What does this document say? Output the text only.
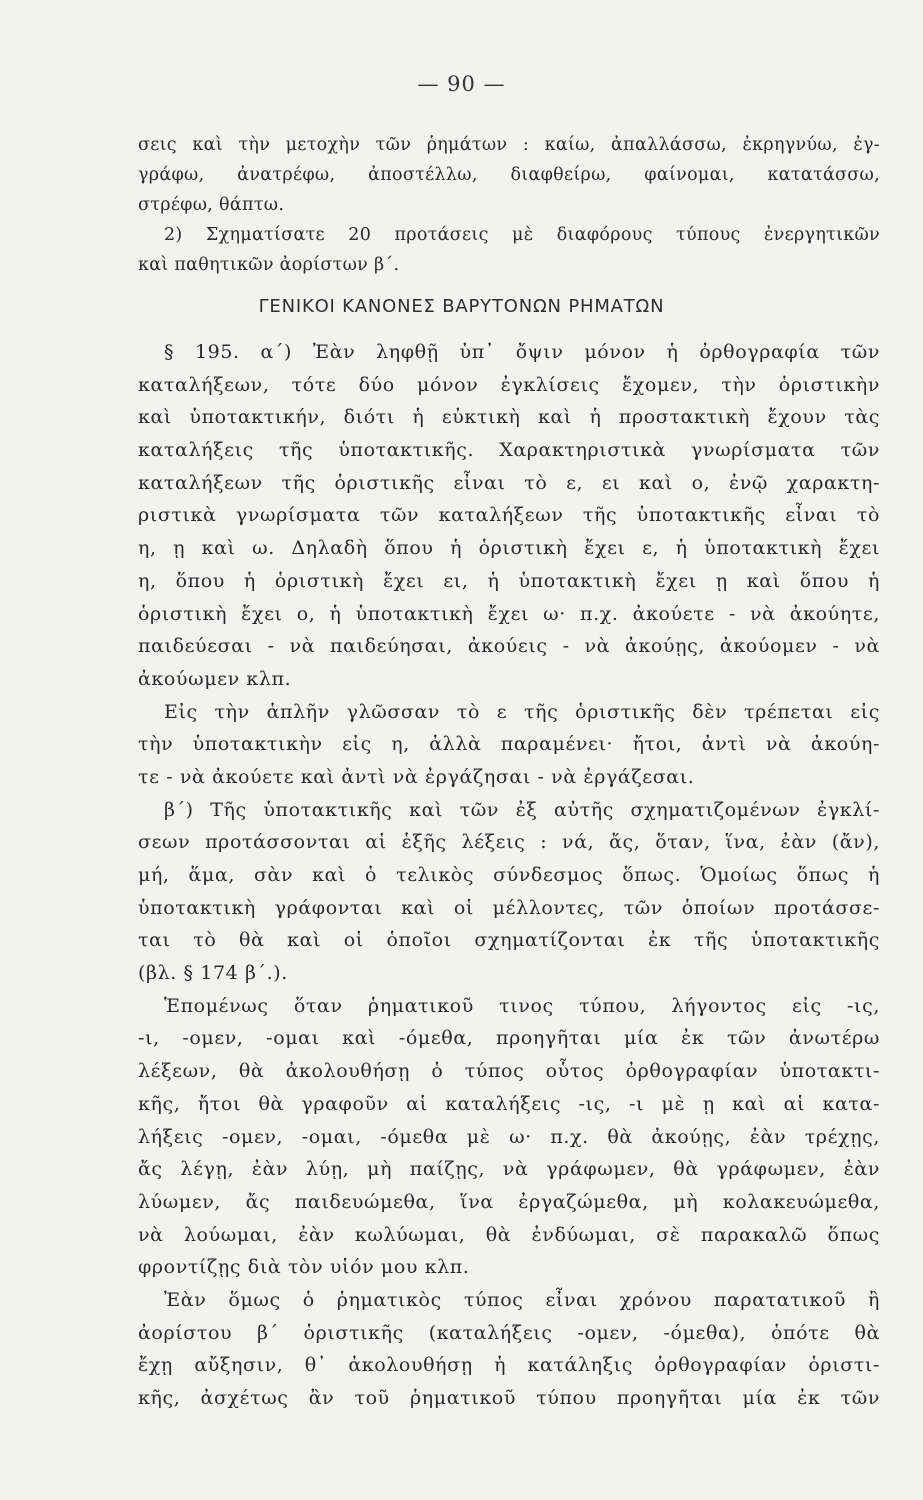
— 90 —
σεις καὶ τὴν μετοχὴν τῶν ῥημάτων : καίω, ἀπαλλάσσω, ἐκρηγνύω, ἐγ-
γράφω, ἀνατρέφω, ἀποστέλλω, διαφθείρω, φαίνομαι, κατατάσσω,
στρέφω, θάπτω.
2) Σχηματίσατε 20 προτάσεις μὲ διαφόρους τύπους ἐνεργητικῶν
καὶ παθητικῶν ἀορίστων β΄.
ΓΕΝΙΚΟΙ ΚΑΝΟΝΕΣ ΒΑΡΥΤΟΝΩΝ ΡΗΜΑΤΩΝ
§ 195. α΄) Ἐὰν ληφθῇ ὑπ᾿ ὄψιν μόνον ἡ ὀρθογραφία τῶν
καταλήξεων, τότε δύο μόνον ἐγκλίσεις ἔχομεν, τὴν ὁριστικὴν
καὶ ὑποτακτικήν, διότι ἡ εὐκτικὴ καὶ ἡ προστακτικὴ ἔχουν τὰς
καταλήξεις τῆς ὑποτακτικῆς. Χαρακτηριστικὰ γνωρίσματα τῶν
καταλήξεων τῆς ὁριστικῆς εἶναι τὸ ε, ει καὶ ο, ἐνῷ χαρακτη-
ριστικὰ γνωρίσματα τῶν καταλήξεων τῆς ὑποτακτικῆς εἶναι τὸ
η, ῃ καὶ ω. Δηλαδὴ ὅπου ἡ ὁριστικὴ ἔχει ε, ἡ ὑποτακτικὴ ἔχει
η, ὅπου ἡ ὁριστικὴ ἔχει ει, ἡ ὑποτακτικὴ ἔχει ῃ καὶ ὅπου ἡ
ὁριστικὴ ἔχει ο, ἡ ὑποτακτικὴ ἔχει ω· π.χ. ἀκούετε - νὰ ἀκούητε,
παιδεύεσαι - νὰ παιδεύησαι, ἀκούεις - νὰ ἀκούῃς, ἀκούομεν - νὰ
ἀκούωμεν κλπ.
Εἰς τὴν ἁπλῆν γλῶσσαν τὸ ε τῆς ὁριστικῆς δὲν τρέπεται εἰς
τὴν ὑποτακτικὴν εἰς η, ἀλλὰ παραμένει· ἤτοι, ἀντὶ νὰ ἀκούη-
τε - νὰ ἀκούετε καὶ ἀντὶ νὰ ἐργάζησαι - νὰ ἐργάζεσαι.
β΄) Τῆς ὑποτακτικῆς καὶ τῶν ἐξ αὐτῆς σχηματιζομένων ἐγκλί-
σεων προτάσσονται αἱ ἑξῆς λέξεις : νά, ἄς, ὅταν, ἵνα, ἐὰν (ἄν),
μή, ἅμα, σὰν καὶ ὁ τελικὸς σύνδεσμος ὅπως. Ὁμοίως ὅπως ἡ
ὑποτακτικὴ γράφονται καὶ οἱ μέλλοντες, τῶν ὁποίων προτάσσε-
ται τὸ θὰ καὶ οἱ ὁποῖοι σχηματίζονται ἐκ τῆς ὑποτακτικῆς
(βλ. § 174 β΄.).
Ἑπομένως ὅταν ῥηματικοῦ τινος τύπου, λήγοντος εἰς -ις,
-ι, -ομεν, -ομαι καὶ -όμεθα, προηγῆται μία ἐκ τῶν ἀνωτέρω
λέξεων, θὰ ἀκολουθήσῃ ὁ τύπος οὗτος ὀρθογραφίαν ὑποτακτι-
κῆς, ἤτοι θὰ γραφοῦν αἱ καταλήξεις -ις, -ι μὲ ῃ καὶ αἱ κατα-
λήξεις -ομεν, -ομαι, -όμεθα μὲ ω· π.χ. θὰ ἀκούῃς, ἐὰν τρέχῃς,
ἄς λέγῃ, ἐὰν λύῃ, μὴ παίζῃς, νὰ γράφωμεν, θὰ γράφωμεν, ἐὰν
λύωμεν, ἄς παιδευώμεθα, ἵνα ἐργαζώμεθα, μὴ κολακευώμεθα,
νὰ λούωμαι, ἐὰν κωλύωμαι, θὰ ἐνδύωμαι, σὲ παρακαλῶ ὅπως
φροντίζῃς διὰ τὸν υἱόν μου κλπ.
Ἐὰν ὅμως ὁ ῥηματικὸς τύπος εἶναι χρόνου παρατατικοῦ ἢ
ἀορίστου β΄ ὁριστικῆς (καταλήξεις -ομεν, -όμεθα), ὁπότε θὰ
ἔχῃ αὔξησιν, θ᾿ ἀκολουθήσῃ ἡ κατάληξις ὀρθογραφίαν ὁριστι-
κῆς, ἀσχέτως ἂν τοῦ ῥηματικοῦ τύπου προηγῆται μία ἐκ τῶν
